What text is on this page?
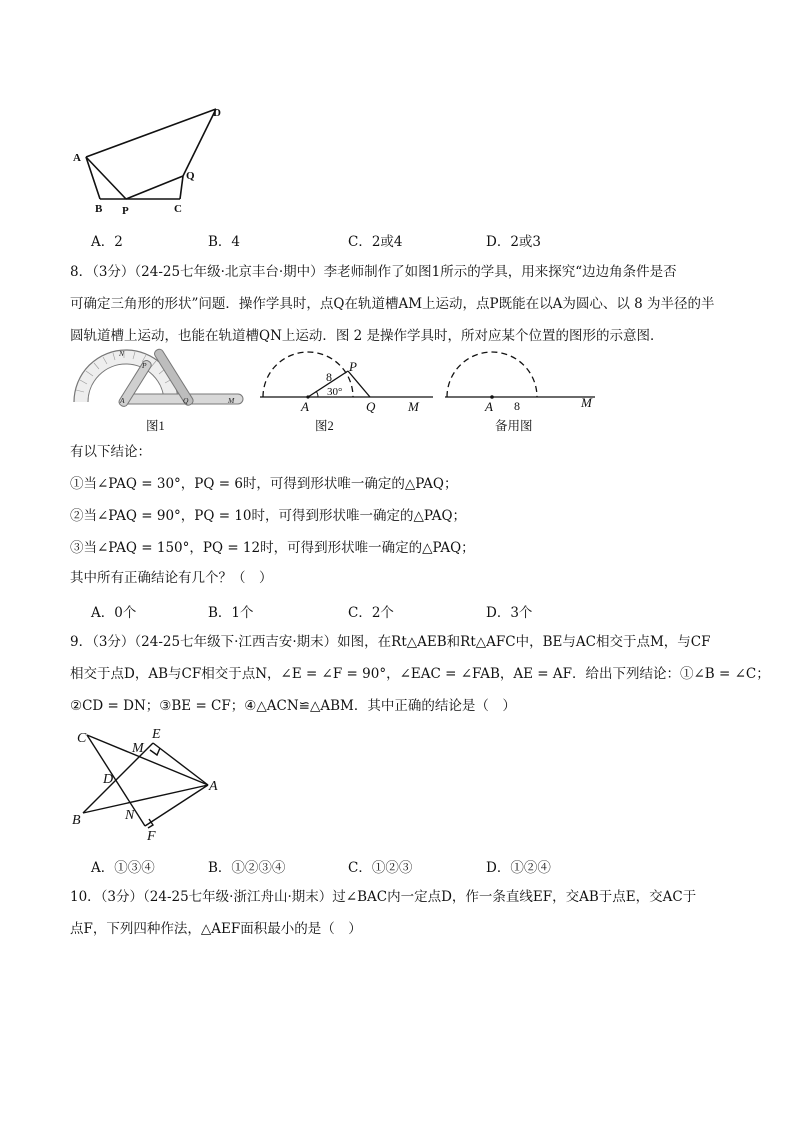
A
B P	C
Q
D
A．2	B．4	C．2或4	D．2或3
8．（3分）（24-25七年级·北京丰台·期中）李老师制作了如图1所示的学具，用来探究“边边角条件是否
可确定三角形的形状”问题．操作学具时，点Q在轨道槽AM上运动，点P既能在以A为圆心、以 8 为半径的半
圆轨道槽上运动，也能在轨道槽QN上运动．图 2 是操作学具时，所对应某个位置的图形的示意图．
N
P
A	Q	M
图1
P
A	Q	M
8
30°
图2
A	M
8
备用图
有以下结论：
①当∠PAQ = 30°，PQ = 6时，可得到形状唯一确定的△PAQ；
②当∠PAQ = 90°，PQ = 10时，可得到形状唯一确定的△PAQ；
③当∠PAQ = 150°，PQ = 12时，可得到形状唯一确定的△PAQ；
其中所有正确结论有几个？（　）
A．0个	B．1个	C．2个	D．3个
9．（3分）（24-25七年级下·江西吉安·期末）如图，在Rt△AEB和Rt△AFC中，BE与AC相交于点M，与CF
相交于点D，AB与CF相交于点N，∠E = ∠F = 90°，∠EAC = ∠FAB，AE = AF．给出下列结论：①∠B = ∠C；
②CD = DN；③BE = CF；④△ACN≌△ABM．其中正确的结论是（　）
C
M
E
D	A
B	N
F
A．①③④	B．①②③④	C．①②③	D．①②④
10．（3分）（24-25七年级·浙江舟山·期末）过∠BAC内一定点D，作一条直线EF，交AB于点E，交AC于
点F，下列四种作法，△AEF面积最小的是（　）
